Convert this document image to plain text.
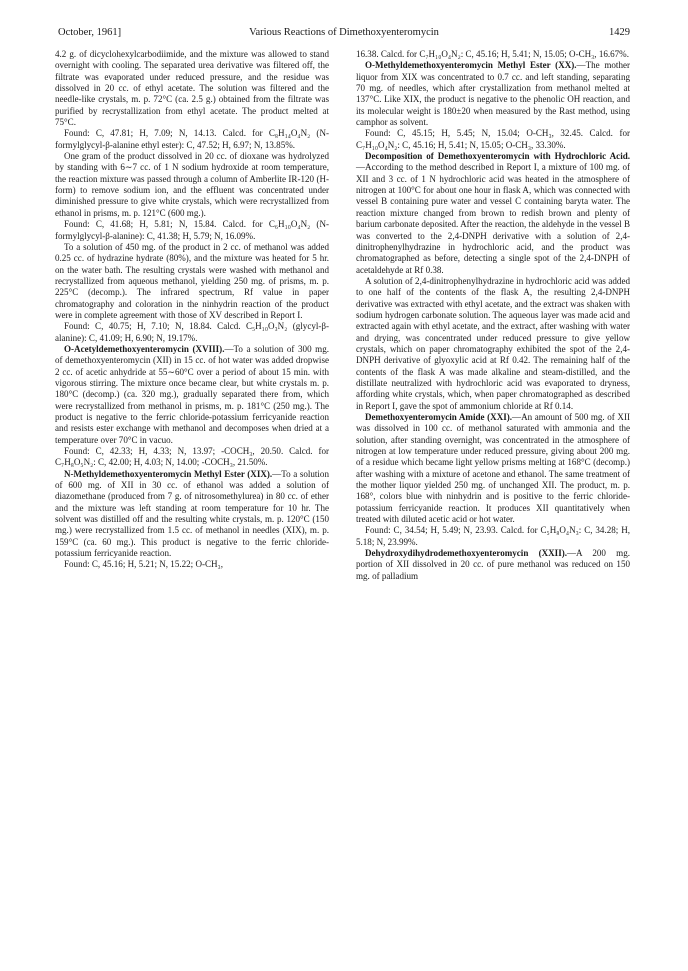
October, 1961]	Various Reactions of Dimethoxyenteromycin	1429

4.2 g. of dicyclohexylcarbodiimide, and the mixture was allowed to stand overnight with cooling. The separated urea derivative was filtered off, the filtrate was evaporated under reduced pressure, and the residue was dissolved in 20 cc. of ethyl acetate. The solution was filtered and the needle-like crystals, m. p. 72°C (ca. 2.5 g.) obtained from the filtrate was purified by recrystallization from ethyl acetate. The product melted at 75°C.

Found: C, 47.81; H, 7.09; N, 14.13. Calcd. for C₈H₁₄O₄N₂ (N-formylglycyl-β-alanine ethyl ester): C, 47.52; H, 6.97; N, 13.85%.

One gram of the product dissolved in 20 cc. of dioxane was hydrolyzed by standing with 6∼7 cc. of 1 N sodium hydroxide at room temperature, the reaction mixture was passed through a column of Amberlite IR-120 (H-form) to remove sodium ion, and the effluent was concentrated under diminished pressure to give white crystals, which were recrystallized from ethanol in prisms, m. p. 121°C (600 mg.).

Found: C, 41.68; H, 5.81; N, 15.84. Calcd. for C₆H₁₀O₄N₂ (N-formylglycyl-β-alanine): C, 41.38; H, 5.79; N, 16.09%.

To a solution of 450 mg. of the product in 2 cc. of methanol was added 0.25 cc. of hydrazine hydrate (80%), and the mixture was heated for 5 hr. on the water bath. The resulting crystals were washed with methanol and recrystallized from aqueous methanol, yielding 250 mg. of prisms, m. p. 225°C (decomp.). The infrared spectrum, Rf value in paper chromatography and coloration in the ninhydrin reaction of the product were in complete agreement with those of XV described in Report I.

Found: C, 40.75; H, 7.10; N, 18.84. Calcd. C₅H₁₀O₃N₂ (glycyl-β-alanine): C, 41.09; H, 6.90; N, 19.17%.

O-Acetyldemethoxyenteromycin (XVIII).—To a solution of 300 mg. of demethoxyenteromycin (XII) in 15 cc. of hot water was added dropwise 2 cc. of acetic anhydride at 55∼60°C over a period of about 15 min. with vigorous stirring. The mixture once became clear, but white crystals m. p. 180°C (decomp.) (ca. 320 mg.), gradually separated there from, which were recrystallized from methanol in prisms, m. p. 181°C (250 mg.). The product is negative to the ferric chloride-potassium ferricyanide reaction and resists ester exchange with methanol and decomposes when dried at a temperature over 70°C in vacuo.

Found: C, 42.33; H, 4.33; N, 13.97; -COCH₃, 20.50. Calcd. for C₇H₈O₅N₂: C, 42.00; H, 4.03; N, 14.00; -COCH₃, 21.50%.

N-Methyldemethoxyenteromycin Methyl Ester (XIX).—To a solution of 600 mg. of XII in 30 cc. of ethanol was added a solution of diazomethane (produced from 7 g. of nitrosomethylurea) in 80 cc. of ether and the mixture was left standing at room temperature for 10 hr. The solvent was distilled off and the resulting white crystals, m. p. 120°C (150 mg.) were recrystallized from 1.5 cc. of methanol in needles (XIX), m. p. 159°C (ca. 60 mg.). This product is negative to the ferric chloride-potassium ferricyanide reaction.

Found: C, 45.16; H, 5.21; N, 15.22; O-CH₃,

16.38. Calcd. for C₇H₁₀O₄N₂: C, 45.16; H, 5.41; N, 15.05; O-CH₃, 16.67%.

O-Methyldemethoxyenteromycin Methyl Ester (XX).—The mother liquor from XIX was concentrated to 0.7 cc. and left standing, separating 70 mg. of needles, which after crystallization from methanol melted at 137°C. Like XIX, the product is negative to the phenolic OH reaction, and its molecular weight is 180±20 when measured by the Rast method, using camphor as solvent.

Found: C, 45.15; H, 5.45; N, 15.04; O-CH₃, 32.45. Calcd. for C₇H₁₀O₄N₂: C, 45.16; H, 5.41; N, 15.05; O-CH₃, 33.30%.

Decomposition of Demethoxyenteromycin with Hydrochloric Acid.—According to the method described in Report I, a mixture of 100 mg. of XII and 3 cc. of 1 N hydrochloric acid was heated in the atmosphere of nitrogen at 100°C for about one hour in flask A, which was connected with vessel B containing pure water and vessel C containing baryta water. The reaction mixture changed from brown to redish brown and plenty of barium carbonate deposited. After the reaction, the aldehyde in the vessel B was converted to the 2,4-DNPH derivative with a solution of 2,4-dinitrophenylhydrazine in hydrochloric acid, and the product was chromatographed as before, detecting a single spot of the 2,4-DNPH of acetaldehyde at Rf 0.38.

A solution of 2,4-dinitrophenylhydrazine in hydrochloric acid was added to one half of the contents of the flask A, the resulting 2,4-DNPH derivative was extracted with ethyl acetate, and the extract was shaken with sodium hydrogen carbonate solution. The aqueous layer was made acid and extracted again with ethyl acetate, and the extract, after washing with water and drying, was concentrated under reduced pressure to give yellow crystals, which on paper chromatography exhibited the spot of the 2,4-DNPH derivative of glyoxylic acid at Rf 0.42. The remaining half of the contents of the flask A was made alkaline and steam-distilled, and the distillate neutralized with hydrochloric acid was evaporated to dryness, affording white crystals, which, when paper chromatographed as described in Report I, gave the spot of ammonium chloride at Rf 0.14.

Demethoxyenteromycin Amide (XXI).—An amount of 500 mg. of XII was dissolved in 100 cc. of methanol saturated with ammonia and the solution, after standing overnight, was concentrated in the atmosphere of nitrogen at low temperature under reduced pressure, giving about 200 mg. of a residue which became light yellow prisms melting at 168°C (decomp.) after washing with a mixture of acetone and ethanol. The same treatment of the mother liquor yielded 250 mg. of unchanged XII. The product, m. p. 168°, colors blue with ninhydrin and is positive to the ferric chloride-potassium ferricyanide reaction. It produces XII quantitatively when treated with diluted acetic acid or hot water.

Found: C, 34.54; H, 5.49; N, 23.93. Calcd. for C₅H₈O₄N₃: C, 34.28; H, 5.18; N, 23.99%.

Dehydroxydihydrodemethoxyenteromycin (XXII).—A 200 mg. portion of XII dissolved in 20 cc. of pure methanol was reduced on 150 mg. of palladium
